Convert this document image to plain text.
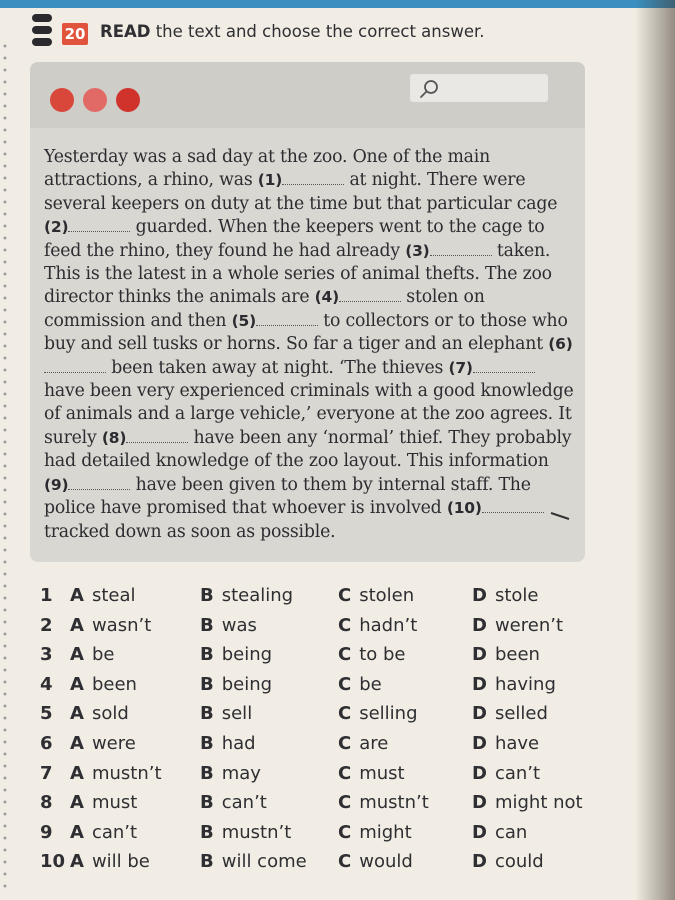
20 READ the text and choose the correct answer.
Yesterday was a sad day at the zoo. One of the main attractions, a rhino, was (1)	at night. There were several keepers on duty at the time but that particular cage (2)	guarded. When the keepers went to the cage to feed the rhino, they found he had already (3)	taken. This is the latest in a whole series of animal thefts. The zoo director thinks the animals are (4)	stolen on commission and then (5)	to collectors or to those who buy and sell tusks or horns. So far a tiger and an elephant (6) been taken away at night. ‘The thieves (7) have been very experienced criminals with a good knowledge of animals and a large vehicle,’ everyone at the zoo agrees. It surely (8)	have been any ‘normal’ thief. They probably had detailed knowledge of the zoo layout. This information (9)	have been given to them by internal staff. The police have promised that whoever is involved (10) tracked down as soon as possible.
1 A steal	B stealing C stolen	D stole
2 A wasn’t	B was	C hadn’t	D weren’t
3 A be	B being	C to be	D been
4 A been	B being	C be	D having
5 A sold	B sell	C selling	D selled
6 A were	B had	C are	D have
7 A mustn’t B may	C must	D can’t
8 A must	B can’t	C mustn’t D might not
9 A can’t	B mustn’t	C might	D can
10 A will be	B will come C would	D could
